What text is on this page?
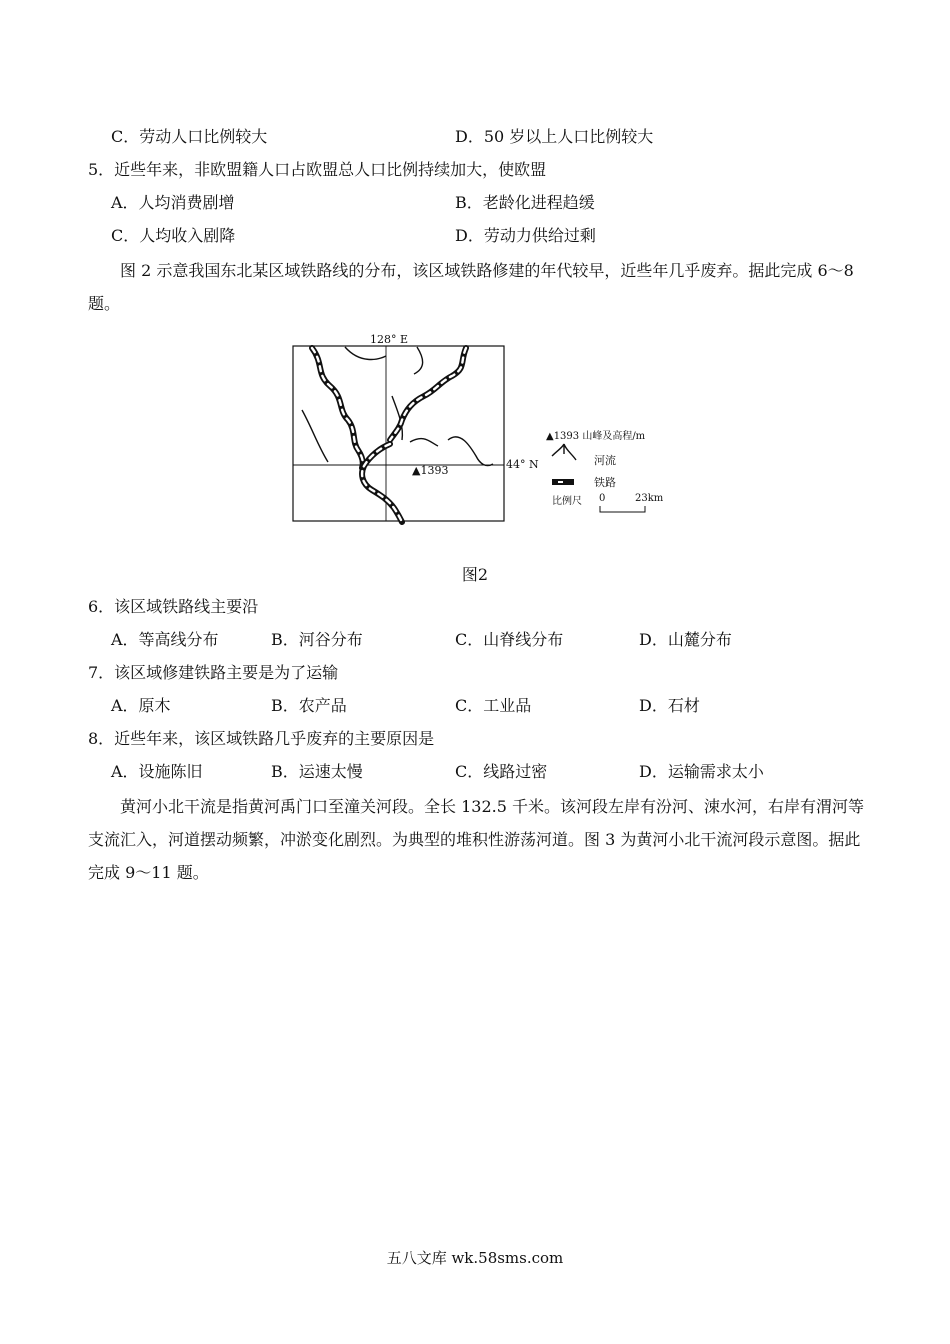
C．劳动人口比例较大	D．50 岁以上人口比例较大
5．近些年来，非欧盟籍人口占欧盟总人口比例持续加大，使欧盟
A．人均消费剧增	B．老龄化进程趋缓
C．人均收入剧降	D．劳动力供给过剩
图 2 示意我国东北某区域铁路线的分布，该区域铁路修建的年代较早，近些年几乎废弃。据此完成 6～8 题。
128° E
44° N
▲1393
▲1393 山峰及高程/m
河流
铁路
比例尺 0	23km
图2
6．该区域铁路线主要沿
A．等高线分布	B．河谷分布	C．山脊线分布	D．山麓分布
7．该区域修建铁路主要是为了运输
A．原木	B．农产品	C．工业品	D．石材
8．近些年来，该区域铁路几乎废弃的主要原因是
A．设施陈旧	B．运速太慢	C．线路过密	D．运输需求太小
黄河小北干流是指黄河禹门口至潼关河段。全长 132.5 千米。该河段左岸有汾河、涑水河，右岸有渭河等支流汇入，河道摆动频繁，冲淤变化剧烈。为典型的堆积性游荡河道。图 3 为黄河小北干流河段示意图。据此完成 9～11 题。
五八文库 wk.58sms.com
